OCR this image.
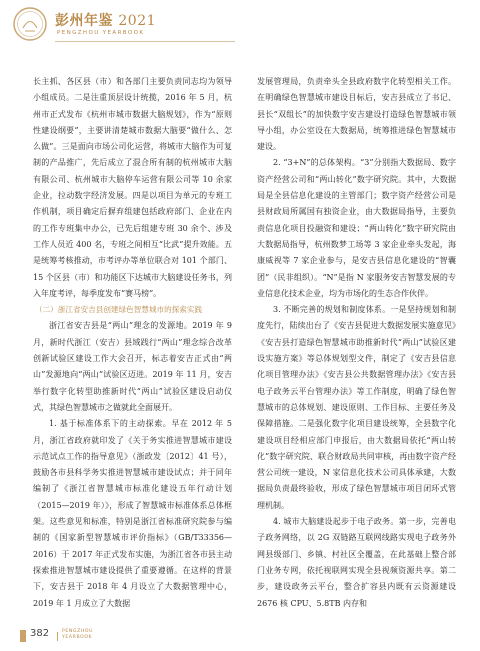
彭州年鉴 2021
PENGZHOU YEARBOOK

长主抓、各区县（市）和各部门主要负责同志均为领导小组成员。二是注重顶层设计统揽，2016 年 5 月，杭州市正式发布《杭州市城市数据大脑规划》，作为“原则性建设纲要”，主要讲清楚城市数据大脑要“做什么、怎么做”。三是面向市场公司化运营，将城市大脑作为可复制的产品推广，先后成立了混合所有制的杭州城市大脑有限公司、杭州城市大脑停车运营有限公司等 10 余家企业，拉动数字经济发展。四是以项目为单元的专班工作机制，项目确定后摒弃组建包括政府部门、企业在内的工作专班集中办公，已先后组建专班 30 余个、涉及工作人员近 400 名，专班之间相互“比武”提升效能。五是统筹考核推动，市考评办等单位联合对 101 个部门、15 个区县（市）和功能区下达城市大脑建设任务书，列入年度考评，每季度发布“赛马榜”。

（二）浙江省安吉县创建绿色智慧城市的探索实践

浙江省安吉县是“两山”理念的发源地。2019 年 9 月，新时代浙江（安吉）县域践行“两山”理念综合改革创新试验区建设工作大会召开，标志着安吉正式由“两山”发源地向“两山”试验区迈进。2019 年 11 月，安吉举行数字化转型助推新时代“两山”试验区建设启动仪式，其绿色智慧城市之做就此全面展开。

1. 基于标准体系下的主动探索。早在 2012 年 5 月，浙江省政府就印发了《关于务实推进智慧城市建设示范试点工作的指导意见》（浙政发〔2012〕41 号），鼓励各市县科学务实推进智慧城市建设试点；并于同年编制了《浙江省智慧城市标准化建设五年行动计划（2015—2019 年）》，形成了智慧城市标准体系总体框架。这些意见和标准，特别是浙江省标准研究院参与编制的《国家新型智慧城市评价指标》（GB/T33356—2016）于 2017 年正式发布实施，为浙江省各市县主动探索推进智慧城市建设提供了重要遵循。在这样的背景下，安吉县于 2018 年 4 月设立了大数据管理中心，2019 年 1 月成立了大数据

发展管理局，负责牵头全县政府数字化转型相关工作。在明确绿色智慧城市建设目标后，安吉县成立了书记、县长“双组长”的加快数字安吉建设打造绿色智慧城市领导小组，办公室设在大数据局，统筹推进绿色智慧城市建设。

2. “3+N”的总体架构。“3”分别指大数据局、数字资产经营公司和“两山转化”数字研究院。其中，大数据局是全县信息化建设的主管部门；数字资产经营公司是县财政局所属国有独资企业，由大数据局指导，主要负责信息化项目投融资和建设；“两山转化”数字研究院由大数据局指导，杭州数梦工场等 3 家企业牵头发起，海康威视等 7 家企业参与，是安吉县信息化建设的“智囊团”（民非组织）。“N”是指 N 家服务安吉智慧发展的专业信息化技术企业，均为市场化的生态合作伙伴。

3. 不断完善的规划和制度体系。一是坚持规划和制度先行，陆续出台了《安吉县促进大数据发展实施意见》《安吉县打造绿色智慧城市助推新时代“两山”试验区建设实施方案》等总体规划型文件，制定了《安吉县信息化项目管理办法》《安吉县公共数据管理办法》《安吉县电子政务云平台管理办法》等工作制度，明确了绿色智慧城市的总体规划、建设原则、工作目标、主要任务及保障措施。二是强化数字化项目建设统筹，全县数字化建设项目经相应部门申报后，由大数据局依托“两山转化”数字研究院、联合财政局共同审核，再由数字资产经营公司统一建设，N 家信息化技术公司具体承建，大数据局负责最终验收，形成了绿色智慧城市项目闭环式管理机制。

4. 城市大脑建设起步于电子政务。第一步，完善电子政务网络，以 2G 双链路互联网线路实现电子政务外网县级部门、乡镇、村社区全覆盖，在此基础上整合部门业务专网，依托视联网实现全县视频资源共享。第二步，建设政务云平台，整合扩容县内既有云资源建设 2676 核 CPU、5.8TB 内存和

382	PENGZHOU
YEARBOOK
